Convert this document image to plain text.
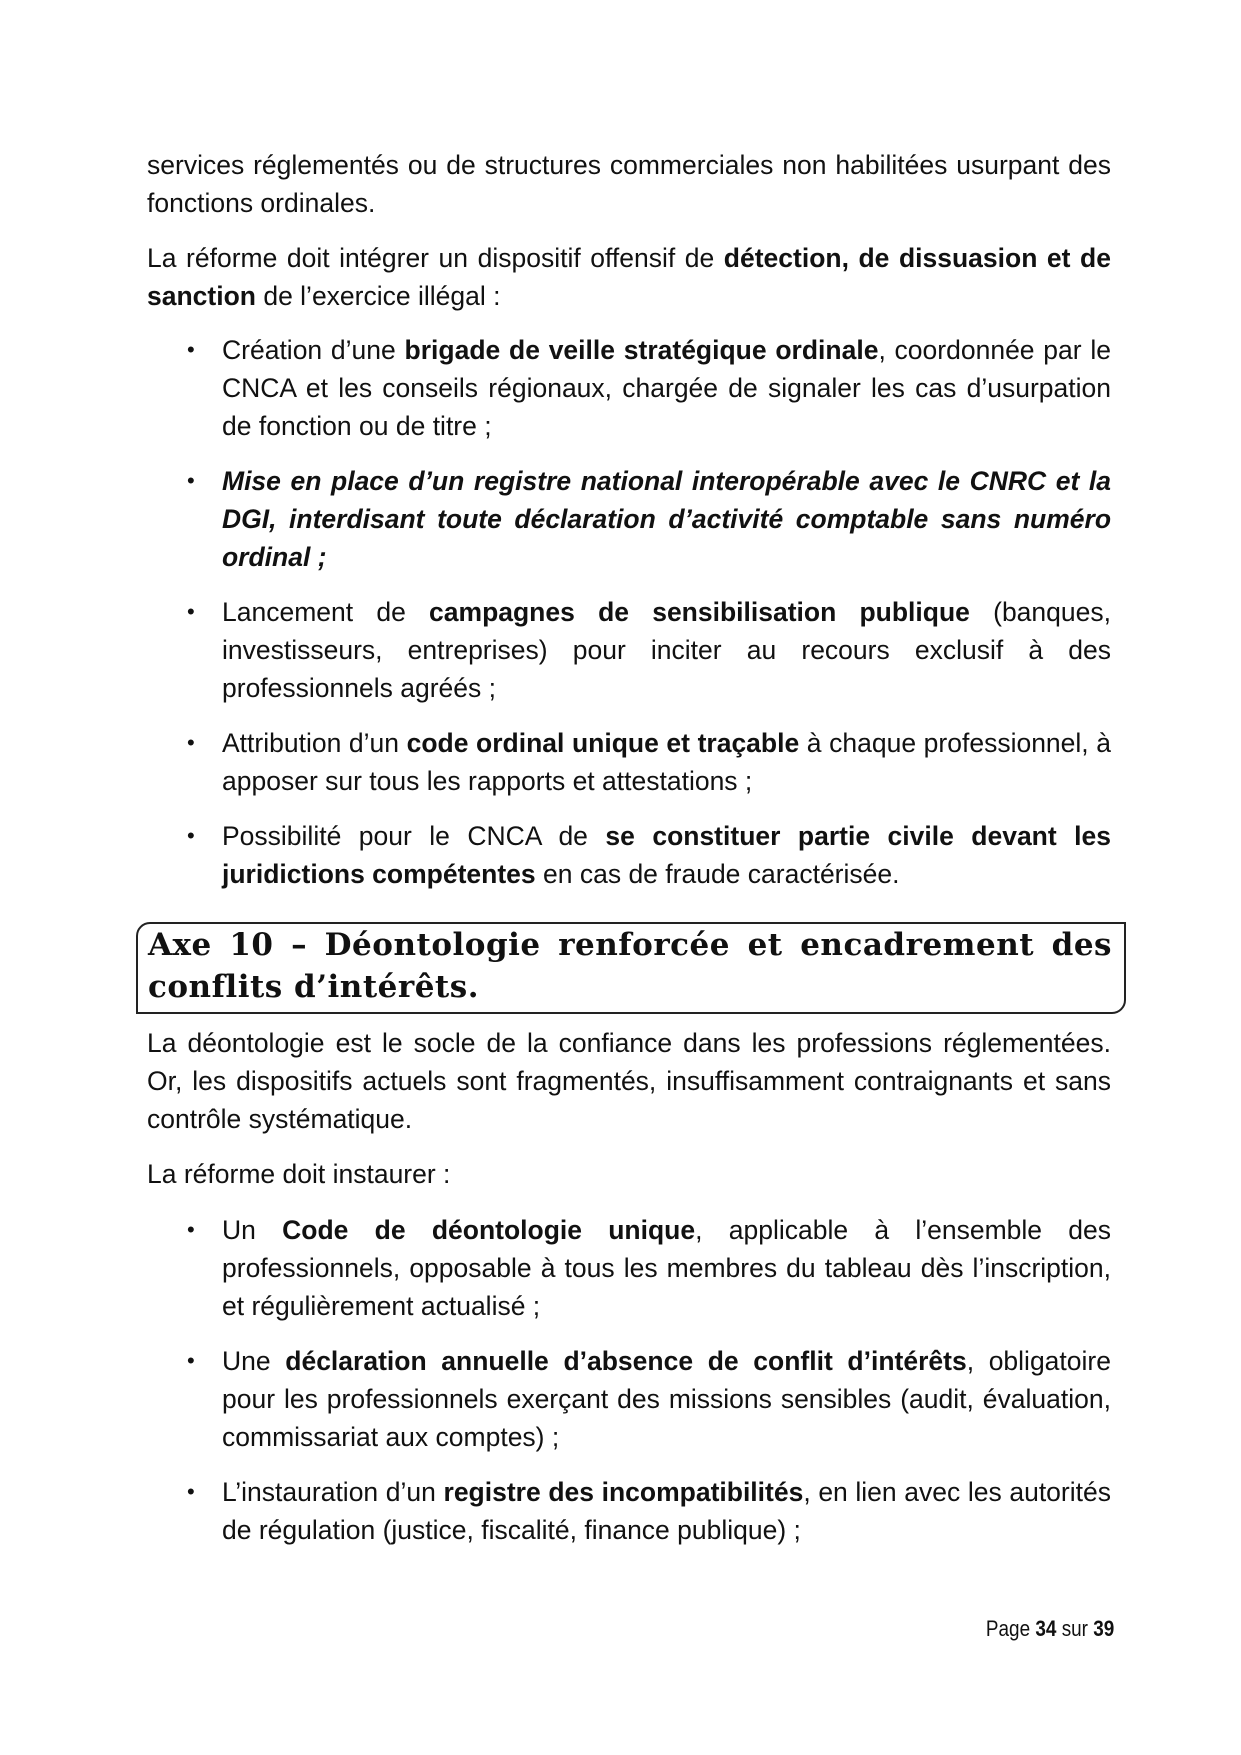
services réglementés ou de structures commerciales non habilitées usurpant des fonctions ordinales.

La réforme doit intégrer un dispositif offensif de détection, de dissuasion et de sanction de l’exercice illégal :

• Création d’une brigade de veille stratégique ordinale, coordonnée par le CNCA et les conseils régionaux, chargée de signaler les cas d’usurpation de fonction ou de titre ;
• Mise en place d’un registre national interopérable avec le CNRC et la DGI, interdisant toute déclaration d’activité comptable sans numéro ordinal ;
• Lancement de campagnes de sensibilisation publique (banques, investisseurs, entreprises) pour inciter au recours exclusif à des professionnels agréés ;
• Attribution d’un code ordinal unique et traçable à chaque professionnel, à apposer sur tous les rapports et attestations ;
• Possibilité pour le CNCA de se constituer partie civile devant les juridictions compétentes en cas de fraude caractérisée.
Axe 10 – Déontologie renforcée et encadrement des conflits d’intérêts.

La déontologie est le socle de la confiance dans les professions réglementées. Or, les dispositifs actuels sont fragmentés, insuffisamment contraignants et sans contrôle systématique.

La réforme doit instaurer :

• Un Code de déontologie unique, applicable à l’ensemble des professionnels, opposable à tous les membres du tableau dès l’inscription, et régulièrement actualisé ;
• Une déclaration annuelle d’absence de conflit d’intérêts, obligatoire pour les professionnels exerçant des missions sensibles (audit, évaluation, commissariat aux comptes) ;
• L’instauration d’un registre des incompatibilités, en lien avec les autorités de régulation (justice, fiscalité, finance publique) ;
Page 34 sur 39
